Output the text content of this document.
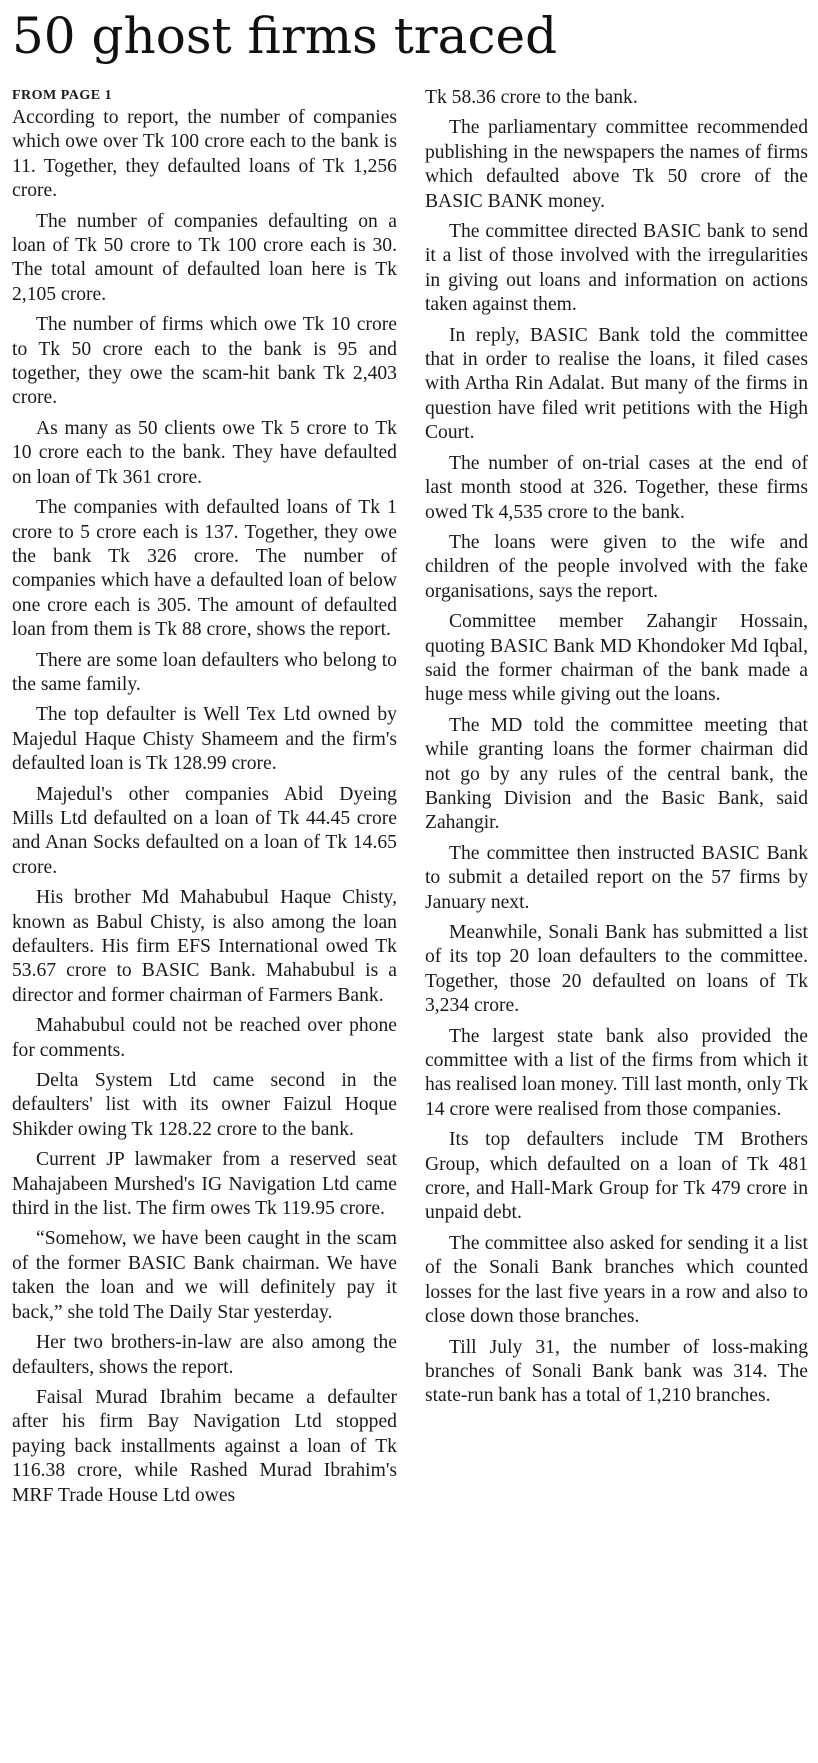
50 ghost firms traced
FROM PAGE 1

According to report, the number of companies which owe over Tk 100 crore each to the bank is 11. Together, they defaulted loans of Tk 1,256 crore.

The number of companies defaulting on a loan of Tk 50 crore to Tk 100 crore each is 30. The total amount of defaulted loan here is Tk 2,105 crore.

The number of firms which owe Tk 10 crore to Tk 50 crore each to the bank is 95 and together, they owe the scam-hit bank Tk 2,403 crore.

As many as 50 clients owe Tk 5 crore to Tk 10 crore each to the bank. They have defaulted on loan of Tk 361 crore.

The companies with defaulted loans of Tk 1 crore to 5 crore each is 137. Together, they owe the bank Tk 326 crore. The number of companies which have a defaulted loan of below one crore each is 305. The amount of defaulted loan from them is Tk 88 crore, shows the report.

There are some loan defaulters who belong to the same family.

The top defaulter is Well Tex Ltd owned by Majedul Haque Chisty Shameem and the firm's defaulted loan is Tk 128.99 crore.

Majedul's other companies Abid Dyeing Mills Ltd defaulted on a loan of Tk 44.45 crore and Anan Socks defaulted on a loan of Tk 14.65 crore.

His brother Md Mahabubul Haque Chisty, known as Babul Chisty, is also among the loan defaulters. His firm EFS International owed Tk 53.67 crore to BASIC Bank. Mahabubul is a director and former chairman of Farmers Bank.

Mahabubul could not be reached over phone for comments.

Delta System Ltd came second in the defaulters' list with its owner Faizul Hoque Shikder owing Tk 128.22 crore to the bank.

Current JP lawmaker from a reserved seat Mahajabeen Murshed's IG Navigation Ltd came third in the list. The firm owes Tk 119.95 crore.

“Somehow, we have been caught in the scam of the former BASIC Bank chairman. We have taken the loan and we will definitely pay it back,” she told The Daily Star yesterday.

Her two brothers-in-law are also among the defaulters, shows the report.

Faisal Murad Ibrahim became a defaulter after his firm Bay Navigation Ltd stopped paying back installments against a loan of Tk 116.38 crore, while Rashed Murad Ibrahim's MRF Trade House Ltd owes

Tk 58.36 crore to the bank.

The parliamentary committee recommended publishing in the newspapers the names of firms which defaulted above Tk 50 crore of the BASIC BANK money.

The committee directed BASIC bank to send it a list of those involved with the irregularities in giving out loans and information on actions taken against them.

In reply, BASIC Bank told the committee that in order to realise the loans, it filed cases with Artha Rin Adalat. But many of the firms in question have filed writ petitions with the High Court.

The number of on-trial cases at the end of last month stood at 326. Together, these firms owed Tk 4,535 crore to the bank.

The loans were given to the wife and children of the people involved with the fake organisations, says the report.

Committee member Zahangir Hossain, quoting BASIC Bank MD Khondoker Md Iqbal, said the former chairman of the bank made a huge mess while giving out the loans.

The MD told the committee meeting that while granting loans the former chairman did not go by any rules of the central bank, the Banking Division and the Basic Bank, said Zahangir.

The committee then instructed BASIC Bank to submit a detailed report on the 57 firms by January next.

Meanwhile, Sonali Bank has submitted a list of its top 20 loan defaulters to the committee. Together, those 20 defaulted on loans of Tk 3,234 crore.

The largest state bank also provided the committee with a list of the firms from which it has realised loan money. Till last month, only Tk 14 crore were realised from those companies.

Its top defaulters include TM Brothers Group, which defaulted on a loan of Tk 481 crore, and Hall-Mark Group for Tk 479 crore in unpaid debt.

The committee also asked for sending it a list of the Sonali Bank branches which counted losses for the last five years in a row and also to close down those branches.

Till July 31, the number of loss-making branches of Sonali Bank bank was 314. The state-run bank has a total of 1,210 branches.
